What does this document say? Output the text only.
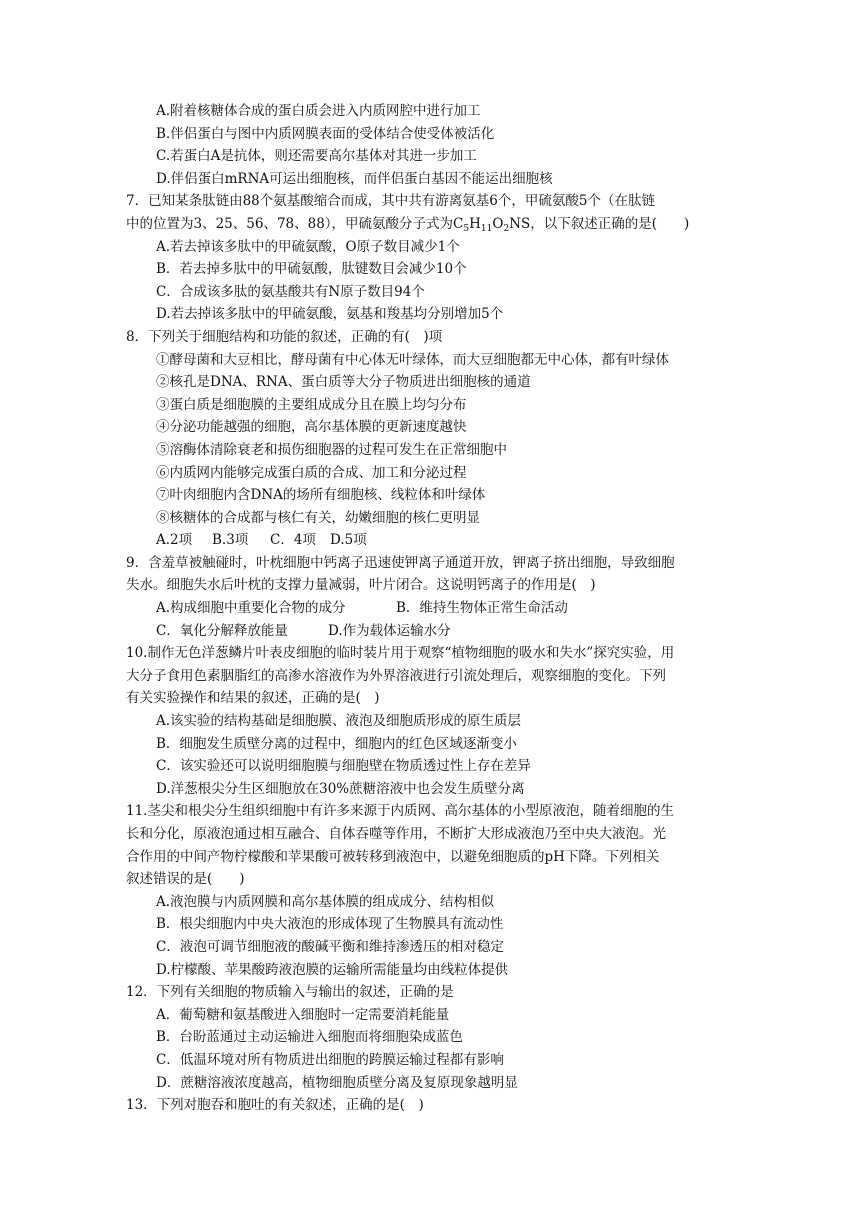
A.附着核糖体合成的蛋白质会进入内质网腔中进行加工
B.伴侣蛋白与图中内质网膜表面的受体结合使受体被活化
C.若蛋白A是抗体，则还需要高尔基体对其进一步加工
D.伴侣蛋白mRNA可运出细胞核，而伴侣蛋白基因不能运出细胞核
7．已知某条肽链由88个氨基酸缩合而成，其中共有游离氨基6个，甲硫氨酸5个（在肽链
中的位置为3、25、56、78、88），甲硫氨酸分子式为$C_5H_{11}O_2NS$，以下叙述正确的是(　　)
A.若去掉该多肽中的甲硫氨酸，O原子数目减少1个
B．若去掉多肽中的甲硫氨酸，肽键数目会减少10个
C．合成该多肽的氨基酸共有N原子数目94个
D.若去掉该多肽中的甲硫氨酸，氨基和羧基均分别增加5个
8．下列关于细胞结构和功能的叙述，正确的有(　)项
①酵母菌和大豆相比，酵母菌有中心体无叶绿体，而大豆细胞都无中心体，都有叶绿体
②核孔是DNA、RNA、蛋白质等大分子物质进出细胞核的通道
③蛋白质是细胞膜的主要组成成分且在膜上均匀分布
④分泌功能越强的细胞，高尔基体膜的更新速度越快
⑤溶酶体清除衰老和损伤细胞器的过程可发生在正常细胞中
⑥内质网内能够完成蛋白质的合成、加工和分泌过程
⑦叶肉细胞内含DNA的场所有细胞核、线粒体和叶绿体
⑧核糖体的合成都与核仁有关，幼嫩细胞的核仁更明显
A.2项 B.3项 C．4项 D.5项
9．含羞草被触碰时，叶枕细胞中钙离子迅速使钾离子通道开放，钾离子挤出细胞，导致细胞
失水。细胞失水后叶枕的支撑力量减弱，叶片闭合。这说明钙离子的作用是(　)
A.构成细胞中重要化合物的成分	B．维持生物体正常生命活动
C．氧化分解释放能量	D.作为载体运输水分
10.制作无色洋葱鳞片叶表皮细胞的临时装片用于观察“植物细胞的吸水和失水”探究实验，用
大分子食用色素胭脂红的高渗水溶液作为外界溶液进行引流处理后，观察细胞的变化。下列
有关实验操作和结果的叙述，正确的是(　)
A.该实验的结构基础是细胞膜、液泡及细胞质形成的原生质层
B．细胞发生质壁分离的过程中，细胞内的红色区域逐渐变小
C．该实验还可以说明细胞膜与细胞壁在物质透过性上存在差异
D.洋葱根尖分生区细胞放在30%蔗糖溶液中也会发生质壁分离
11.茎尖和根尖分生组织细胞中有许多来源于内质网、高尔基体的小型原液泡，随着细胞的生
长和分化，原液泡通过相互融合、自体吞噬等作用，不断扩大形成液泡乃至中央大液泡。光
合作用的中间产物柠檬酸和苹果酸可被转移到液泡中，以避免细胞质的pH下降。下列相关
叙述错误的是(　　)
A.液泡膜与内质网膜和高尔基体膜的组成成分、结构相似
B．根尖细胞内中央大液泡的形成体现了生物膜具有流动性
C．液泡可调节细胞液的酸碱平衡和维持渗透压的相对稳定
D.柠檬酸、苹果酸跨液泡膜的运输所需能量均由线粒体提供
12．下列有关细胞的物质输入与输出的叙述，正确的是
A．葡萄糖和氨基酸进入细胞时一定需要消耗能量
B．台盼蓝通过主动运输进入细胞而将细胞染成蓝色
C．低温环境对所有物质进出细胞的跨膜运输过程都有影响
D．蔗糖溶液浓度越高，植物细胞质壁分离及复原现象越明显
13．下列对胞吞和胞吐的有关叙述，正确的是(　)
